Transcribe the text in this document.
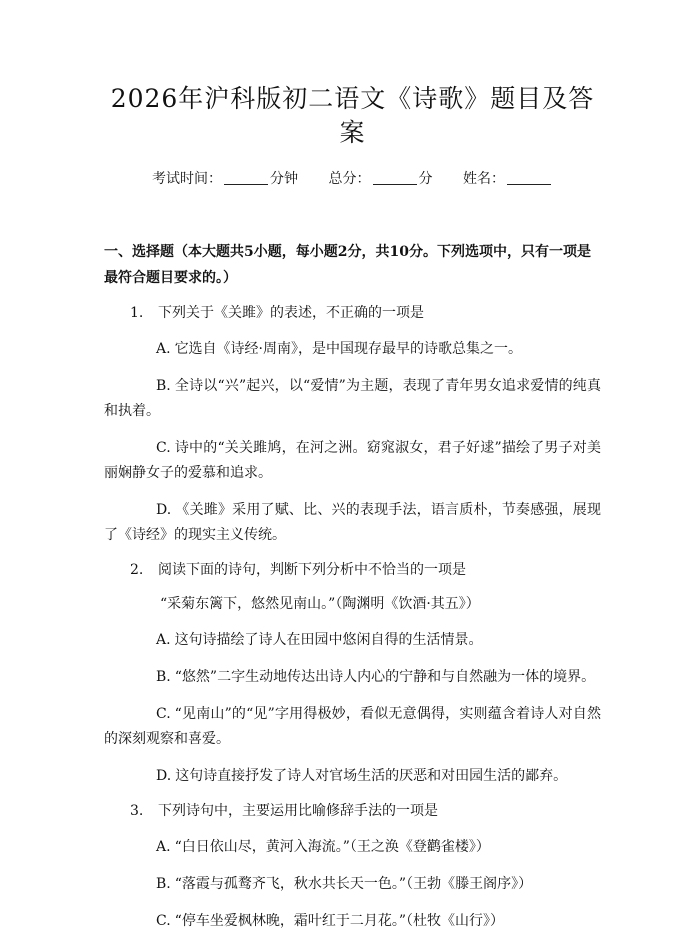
2026年沪科版初二语文《诗歌》题目及答案
考试时间：	分钟 总分：	分 姓名：
一、选择题（本大题共5小题，每小题2分，共10分。下列选项中，只有一项是最符合题目要求的。）
1. 下列关于《关雎》的表述，不正确的一项是
A. 它选自《诗经·周南》，是中国现存最早的诗歌总集之一。
B. 全诗以“兴”起兴，以“爱情”为主题，表现了青年男女追求爱情的纯真和执着。
C. 诗中的“关关雎鸠，在河之洲。窈窕淑女，君子好逑”描绘了男子对美丽娴静女子的爱慕和追求。
D. 《关雎》采用了赋、比、兴的表现手法，语言质朴，节奏感强，展现了《诗经》的现实主义传统。
2. 阅读下面的诗句，判断下列分析中不恰当的一项是
“采菊东篱下，悠然见南山。”（陶渊明《饮酒·其五》）
A. 这句诗描绘了诗人在田园中悠闲自得的生活情景。
B. “悠然”二字生动地传达出诗人内心的宁静和与自然融为一体的境界。
C. “见南山”的“见”字用得极妙，看似无意偶得，实则蕴含着诗人对自然的深刻观察和喜爱。
D. 这句诗直接抒发了诗人对官场生活的厌恶和对田园生活的鄙弃。
3. 下列诗句中，主要运用比喻修辞手法的一项是
A. “白日依山尽，黄河入海流。”（王之涣《登鹳雀楼》）
B. “落霞与孤鹜齐飞，秋水共长天一色。”（王勃《滕王阁序》）
C. “停车坐爱枫林晚，霜叶红于二月花。”（杜牧《山行》）
